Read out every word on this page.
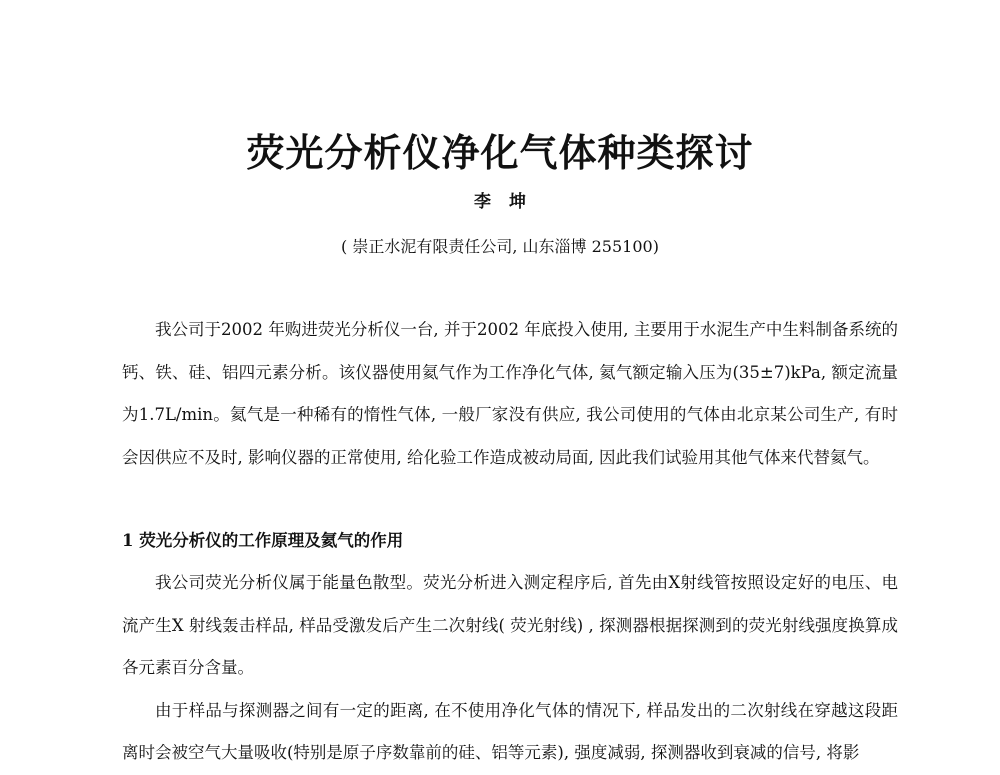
荧光分析仪净化气体种类探讨
李 坤
( 崇正水泥有限责任公司, 山东淄博 255100)

我公司于2002 年购进荧光分析仪一台, 并于2002 年底投入使用, 主要用于水泥生产中生料制备系统的钙、铁、硅、铝四元素分析。该仪器使用氦气作为工作净化气体, 氦气额定输入压为(35±7)kPa, 额定流量为1.7L/min。氦气是一种稀有的惰性气体, 一般厂家没有供应, 我公司使用的气体由北京某公司生产, 有时会因供应不及时, 影响仪器的正常使用, 给化验工作造成被动局面, 因此我们试验用其他气体来代替氦气。

1 荧光分析仪的工作原理及氦气的作用

我公司荧光分析仪属于能量色散型。荧光分析进入测定程序后, 首先由X射线管按照设定好的电压、电流产生X 射线轰击样品, 样品受激发后产生二次射线( 荧光射线) , 探测器根据探测到的荧光射线强度换算成各元素百分含量。

由于样品与探测器之间有一定的距离, 在不使用净化气体的情况下, 样品发出的二次射线在穿越这段距离时会被空气大量吸收(特别是原子序数靠前的硅、铝等元素), 强度减弱, 探测器收到衰减的信号, 将影
